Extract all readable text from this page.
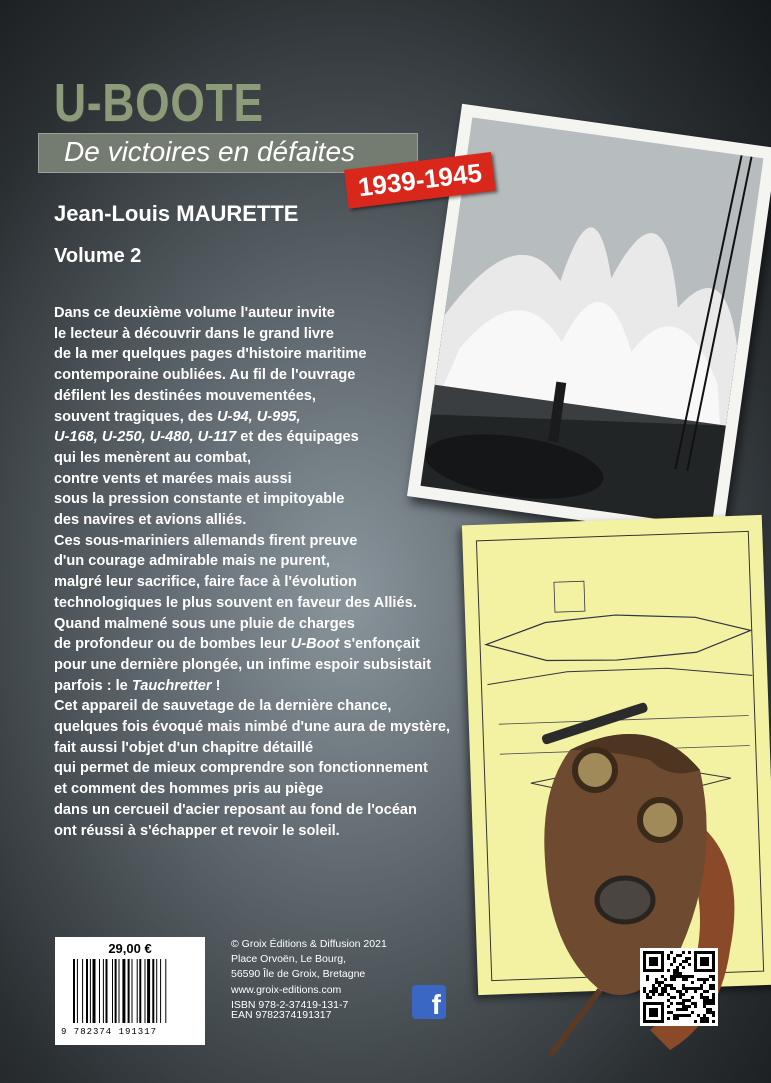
U-BOOTE
De victoires en défaites
1939-1945
Jean-Louis MAURETTE
Volume 2
Dans ce deuxième volume l'auteur invite
le lecteur à découvrir dans le grand livre
de la mer quelques pages d'histoire maritime
contemporaine oubliées. Au fil de l'ouvrage
défilent les destinées mouvementées,
souvent tragiques, des U-94, U-995,
U-168, U-250, U-480, U-117 et des équipages
qui les menèrent au combat,
contre vents et marées mais aussi
sous la pression constante et impitoyable
des navires et avions alliés.
Ces sous-mariniers allemands firent preuve
d'un courage admirable mais ne purent,
malgré leur sacrifice, faire face à l'évolution
technologiques le plus souvent en faveur des Alliés.
Quand malmené sous une pluie de charges
de profondeur ou de bombes leur U-Boot s'enfonçait
pour une dernière plongée, un infime espoir subsistait
parfois : le Tauchretter !
Cet appareil de sauvetage de la dernière chance,
quelques fois évoqué mais nimbé d'une aura de mystère,
fait aussi l'objet d'un chapitre détaillé
qui permet de mieux comprendre son fonctionnement
et comment des hommes pris au piège
dans un cercueil d'acier reposant au fond de l'océan
ont réussi à s'échapper et revoir le soleil.
29,00 €
9 782374 191317
© Groix Éditions & Diffusion 2021
Place Orvoën, Le Bourg,
56590 Île de Groix, Bretagne
www.groix-editions.com
ISBN 978-2-37419-131-7
EAN 9782374191317	f
